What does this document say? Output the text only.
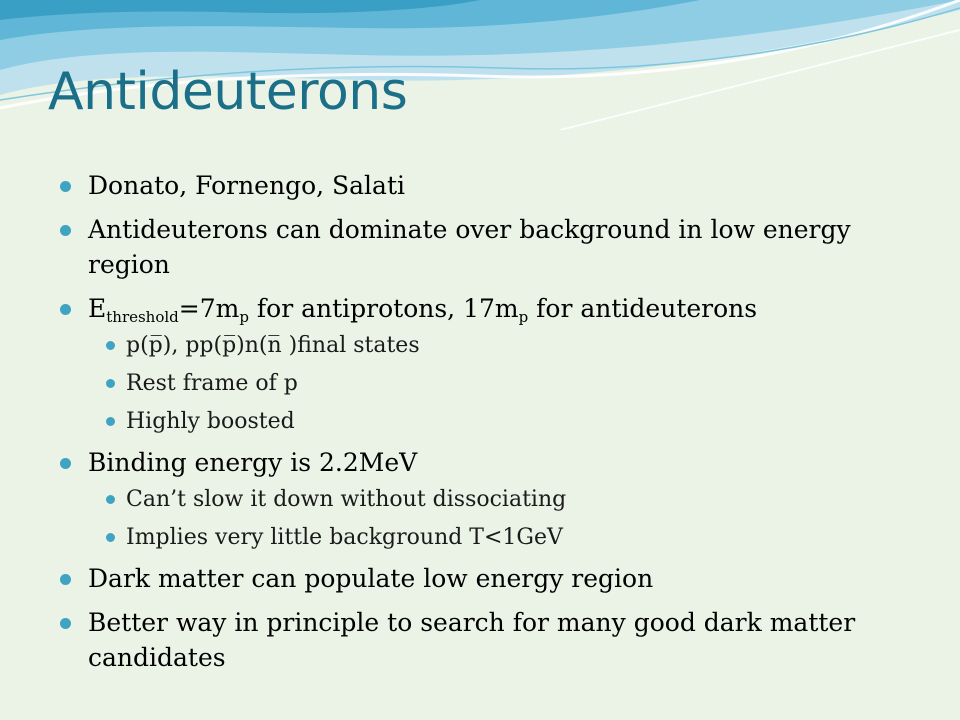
Antideuterons
Donato, Fornengo, Salati
Antideuterons can dominate over background in low energy region
$E_{threshold}=7m_p$ for antiprotons, $17m_p$ for antideuterons
p(p̅), pp(p̅)n(n̅ )final states
Rest frame of p
Highly boosted
Binding energy is 2.2MeV
Can’t slow it down without dissociating
Implies very little background T<1GeV
Dark matter can populate low energy region
Better way in principle to search for many good dark matter candidates
